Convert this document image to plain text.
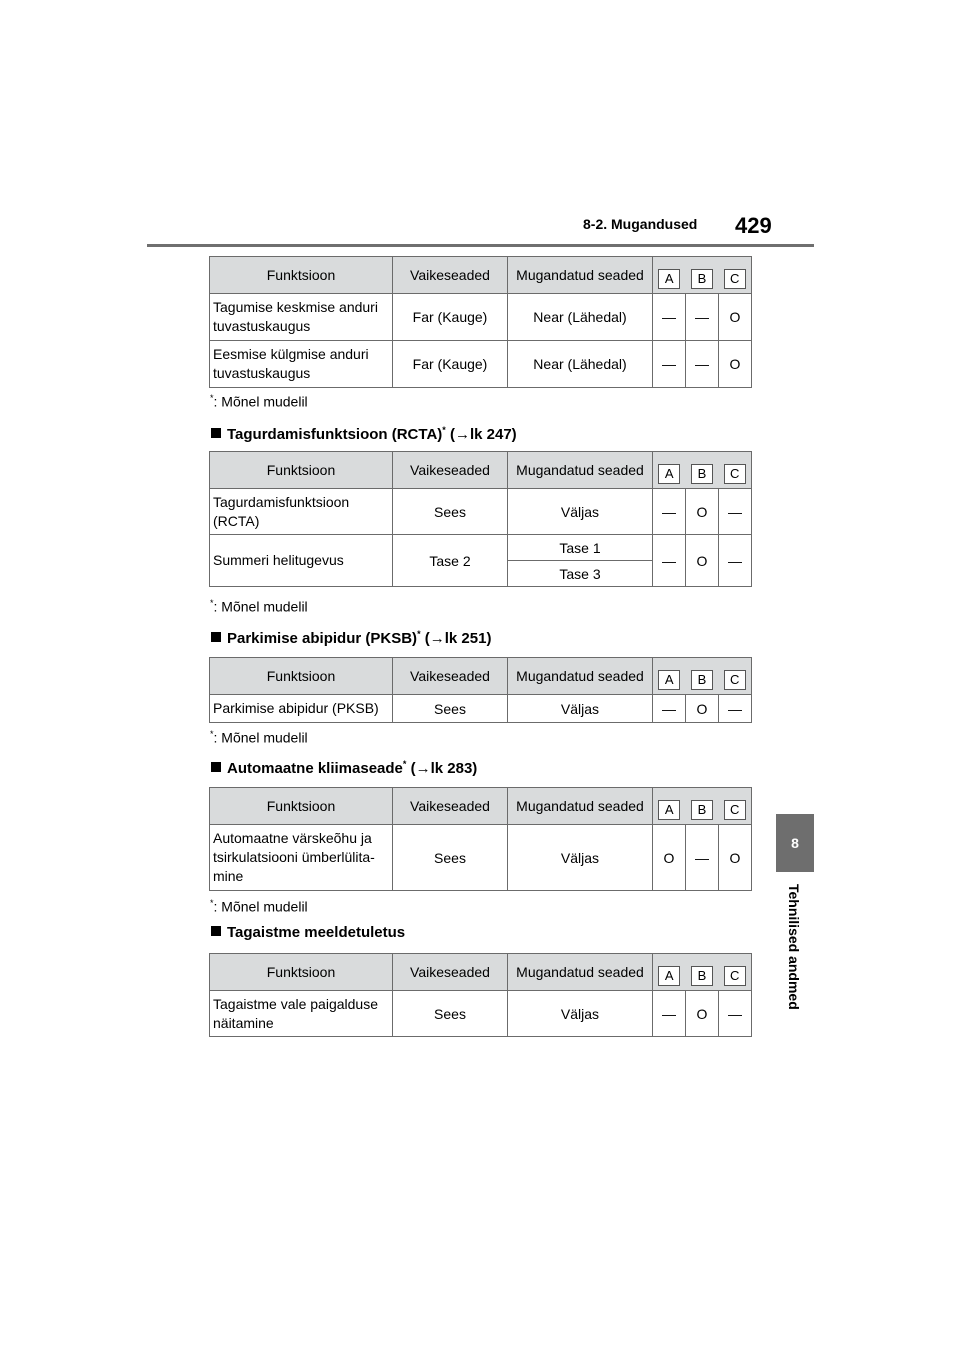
8-2. Mugandused 429
8
Tehnilised andmed
Funktsioon	Vaikeseaded	Mugandatud seaded	A	B	C
Tagumise keskmise anduri tuvastuskaugus	Far (Kauge)	Near (Lähedal)	—	—	O
Eesmise külgmise anduri tuvastuskaugus	Far (Kauge)	Near (Lähedal)	—	—	O
*: Mõnel mudelil
Tagurdamisfunktsioon (RCTA)* (→lk 247)
Funktsioon	Vaikeseaded	Mugandatud seaded	A	B	C
Tagurdamisfunktsioon (RCTA)	Sees	Väljas	—	O	—
Summeri helitugevus	Tase 2	Tase 1	—	O	—
		Tase 3			
*: Mõnel mudelil
Parkimise abipidur (PKSB)* (→lk 251)
Funktsioon	Vaikeseaded	Mugandatud seaded	A	B	C
Parkimise abipidur (PKSB)	Sees	Väljas	—	O	—
*: Mõnel mudelil
Automaatne kliimaseade* (→lk 283)
Funktsioon	Vaikeseaded	Mugandatud seaded	A	B	C
Automaatne värskeõhu ja tsirkulatsiooni ümberlülita-mine	Sees	Väljas	O	—	O
*: Mõnel mudelil
Tagaistme meeldetuletus
Funktsioon	Vaikeseaded	Mugandatud seaded	A	B	C
Tagaistme vale paigalduse näitamine	Sees	Väljas	—	O	—
